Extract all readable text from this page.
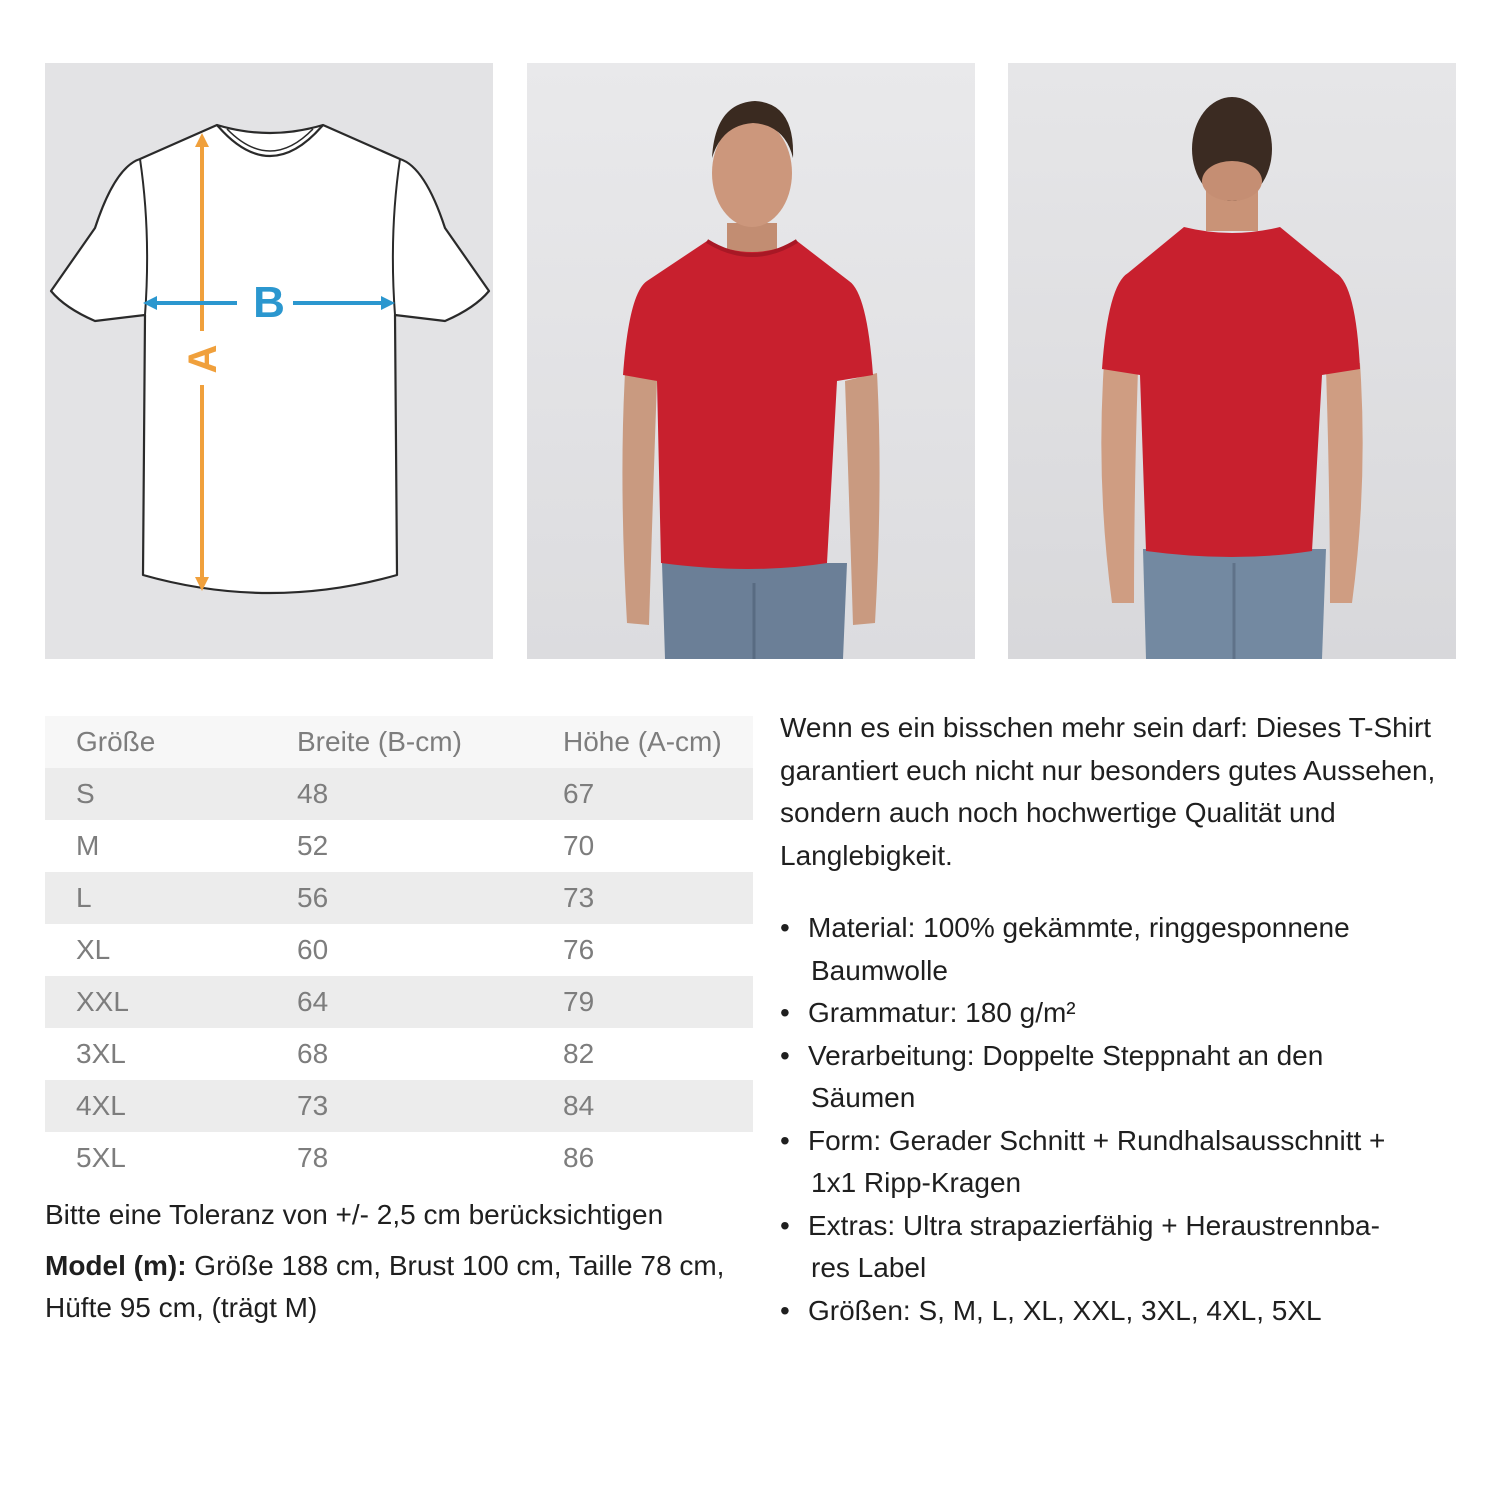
B
A
Größe	Breite (B-cm)	Höhe (A-cm)
S	48	67
M	52	70
L	56	73
XL	60	76
XXL	64	79
3XL	68	82
4XL	73	84
5XL	78	86
Bitte eine Toleranz von +/- 2,5 cm berücksichtigen
Model (m): Größe 188 cm, Brust 100 cm, Taille 78 cm, Hüfte 95 cm, (trägt M)
Wenn es ein bisschen mehr sein darf: Dieses T-Shirt garantiert euch nicht nur besonders gutes Aussehen, sondern auch noch hochwertige Qualität und Langlebigkeit.
• Material: 100% gekämmte, ringgesponnene
Baumwolle
• Grammatur: 180 g/m²
• Verarbeitung: Doppelte Steppnaht an den
Säumen
• Form: Gerader Schnitt + Rundhalsausschnitt +
1x1 Ripp-Kragen
• Extras: Ultra strapazierfähig + Heraustrennba-
res Label
• Größen: S, M, L, XL, XXL, 3XL, 4XL, 5XL
